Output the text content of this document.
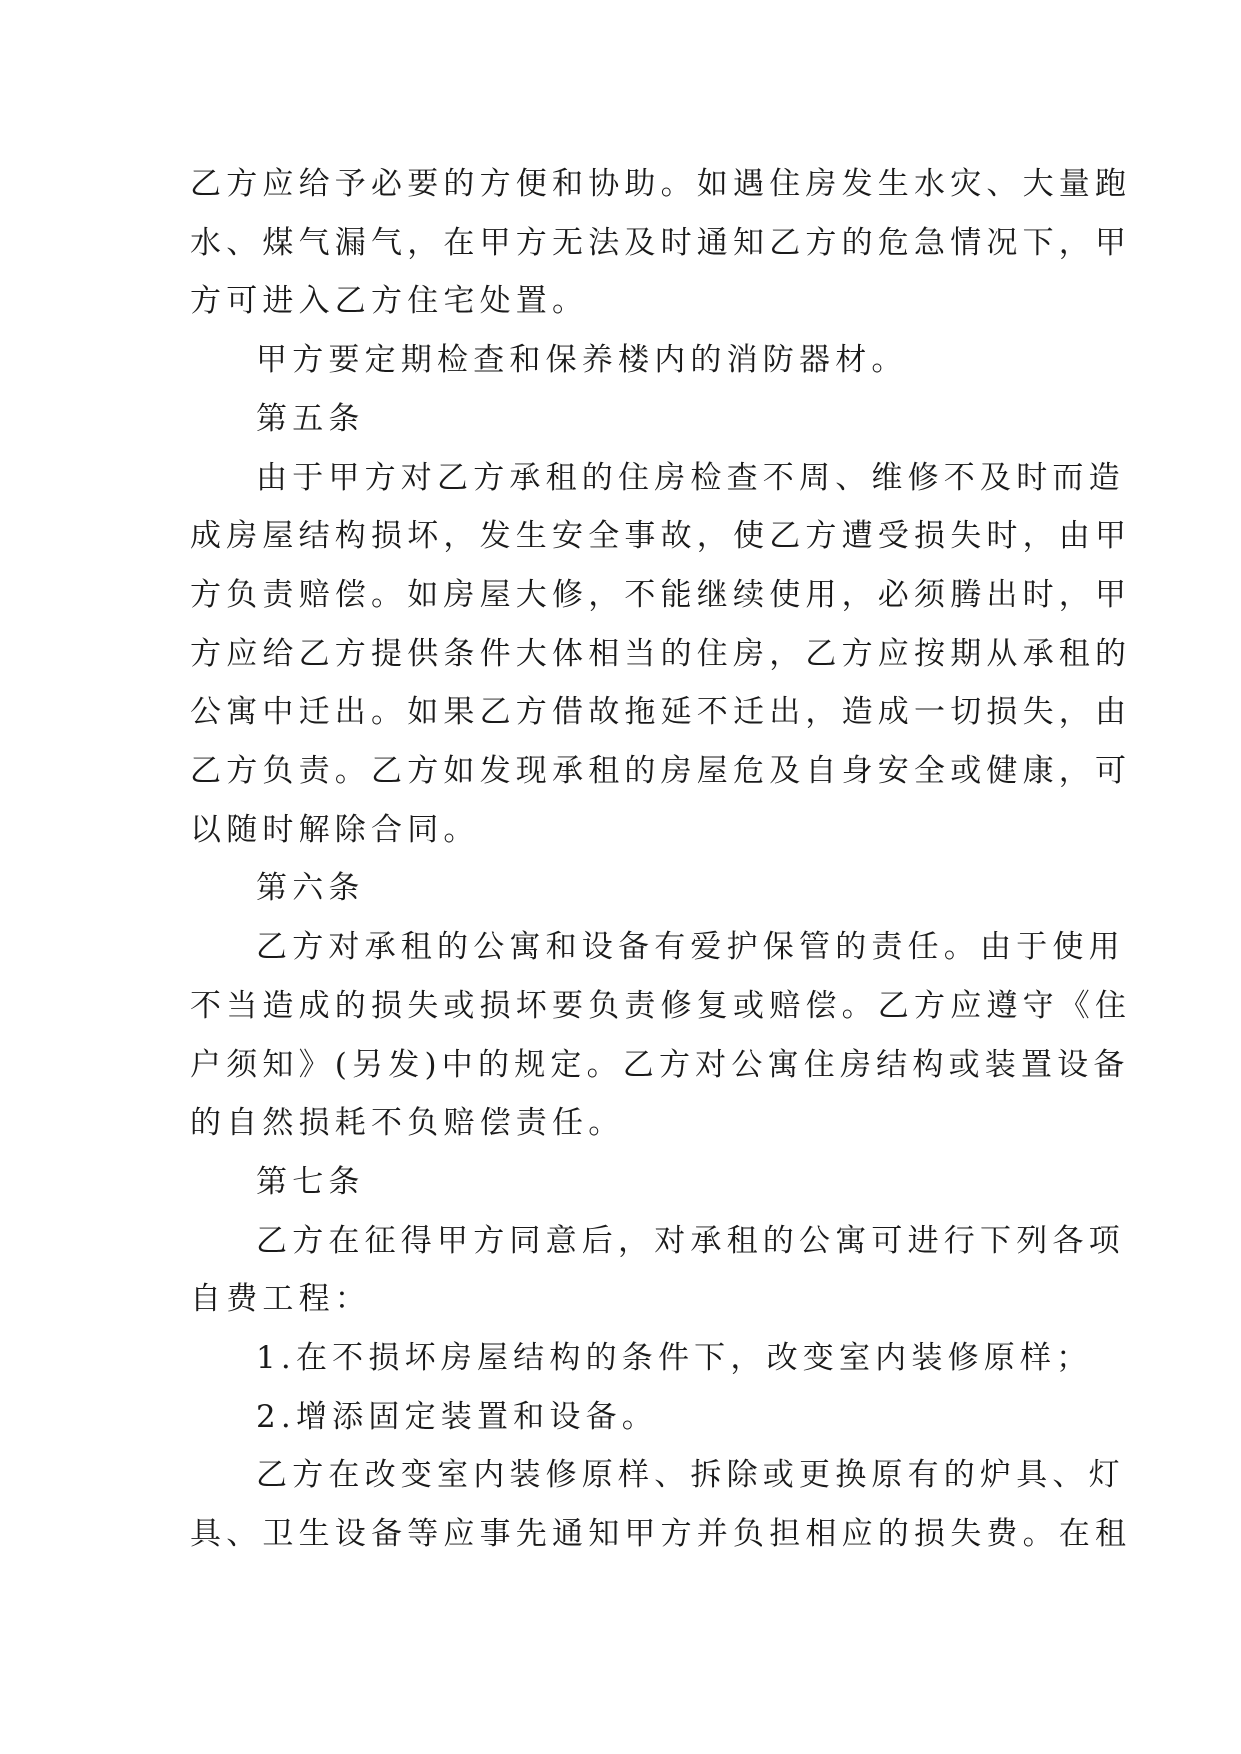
乙方应给予必要的方便和协助。如遇住房发生水灾、大量跑
水、煤气漏气，在甲方无法及时通知乙方的危急情况下，甲
方可进入乙方住宅处置。

甲方要定期检查和保养楼内的消防器材。

第五条

由于甲方对乙方承租的住房检查不周、维修不及时而造
成房屋结构损坏，发生安全事故，使乙方遭受损失时，由甲
方负责赔偿。如房屋大修，不能继续使用，必须腾出时，甲
方应给乙方提供条件大体相当的住房，乙方应按期从承租的
公寓中迁出。如果乙方借故拖延不迁出，造成一切损失，由
乙方负责。乙方如发现承租的房屋危及自身安全或健康，可
以随时解除合同。

第六条

乙方对承租的公寓和设备有爱护保管的责任。由于使用
不当造成的损失或损坏要负责修复或赔偿。乙方应遵守《住
户须知》(另发)中的规定。乙方对公寓住房结构或装置设备
的自然损耗不负赔偿责任。

第七条

乙方在征得甲方同意后，对承租的公寓可进行下列各项
自费工程：

1.在不损坏房屋结构的条件下，改变室内装修原样；

2.增添固定装置和设备。

乙方在改变室内装修原样、拆除或更换原有的炉具、灯
具、卫生设备等应事先通知甲方并负担相应的损失费。在租
